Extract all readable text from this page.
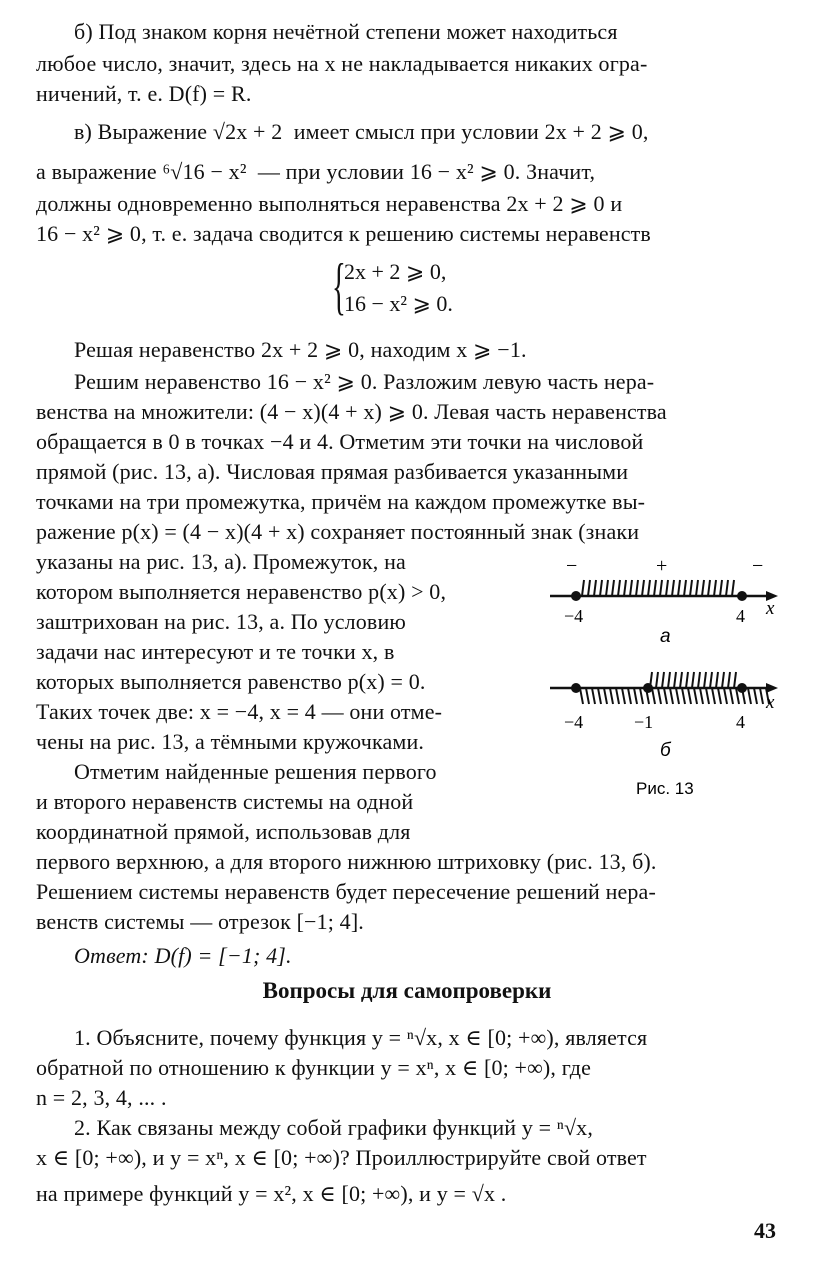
б) Под знаком корня нечётной степени может находиться
любое число, значит, здесь на x не накладывается никаких огра-
ничений, т. е. D(f) = R.
в) Выражение √2x + 2  имеет смысл при условии 2x + 2 ⩾ 0,
а выражение ⁶√16 − x²  — при условии 16 − x² ⩾ 0. Значит,
должны одновременно выполняться неравенства 2x + 2 ⩾ 0 и
16 − x² ⩾ 0, т. е. задача сводится к решению системы неравенств
{
2x + 2 ⩾ 0,
16 − x² ⩾ 0.
Решая неравенство 2x + 2 ⩾ 0, находим x ⩾ −1.
Решим неравенство 16 − x² ⩾ 0. Разложим левую часть нера-
венства на множители: (4 − x)(4 + x) ⩾ 0. Левая часть неравенства
обращается в 0 в точках −4 и 4. Отметим эти точки на числовой
прямой (рис. 13, a). Числовая прямая разбивается указанными
точками на три промежутка, причём на каждом промежутке вы-
ражение p(x) = (4 − x)(4 + x) сохраняет постоянный знак (знаки
указаны на рис. 13, a). Промежуток, на
котором выполняется неравенство p(x) > 0,
заштрихован на рис. 13, a. По условию
задачи нас интересуют и те точки x, в
которых выполняется равенство p(x) = 0.
Таких точек две: x = −4, x = 4 — они отме-
чены на рис. 13, a тёмными кружочками.
Отметим найденные решения первого
и второго неравенств системы на одной
координатной прямой, использовав для
первого верхнюю, а для второго нижнюю штриховку (рис. 13, б).
Решением системы неравенств будет пересечение решений нера-
венств системы — отрезок [−1; 4].
Ответ: D(f) = [−1; 4].
Вопросы для самопроверки
1. Объясните, почему функция y = ⁿ√x, x ∈ [0; +∞), является
обратной по отношению к функции y = xⁿ, x ∈ [0; +∞), где
n = 2, 3, 4, ... .
2. Как связаны между собой графики функций y = ⁿ√x,
x ∈ [0; +∞), и y = xⁿ, x ∈ [0; +∞)? Проиллюстрируйте свой ответ
на примере функций y = x², x ∈ [0; +∞), и y = √x .
43
−	+	−
−4	4 x
а
−4	−1	4
x
б
Рис. 13
